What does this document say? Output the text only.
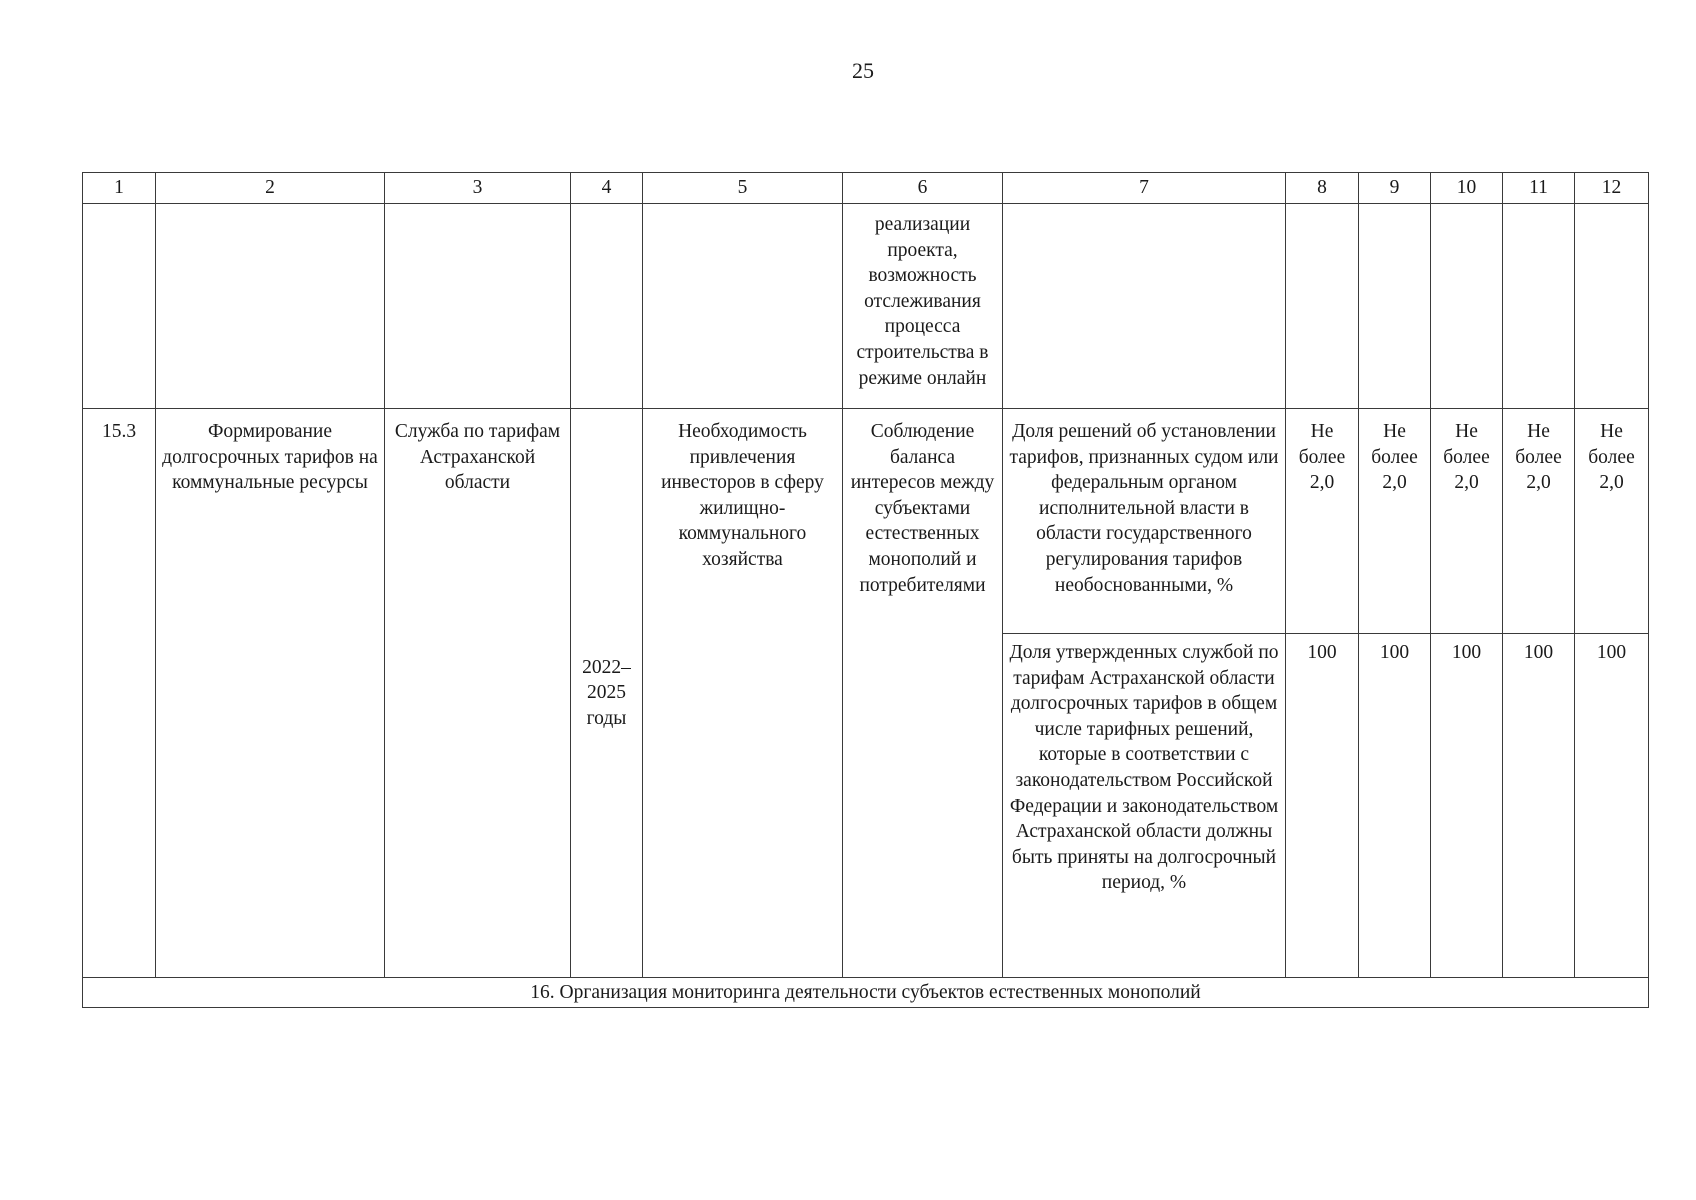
25
1	2	3	4	5	6	7	8	9	10	11	12
					реализации проекта, возможность отслеживания процесса строительства в режиме онлайн						
15.3	Формирование долгосрочных тарифов на коммунальные ресурсы	Служба по тарифам Астраханской области	2022–2025 годы	Необходимость привлечения инвесторов в сферу жилищно-коммунального хозяйства	Соблюдение баланса интересов между субъектами естественных монополий и потребителями	Доля решений об установлении тарифов, признанных судом или федеральным органом исполнительной власти в области государственного регулирования тарифов необоснованными, %	Не более 2,0	Не более 2,0	Не более 2,0	Не более 2,0	Не более 2,0
						Доля утвержденных службой по тарифам Астраханской области долгосрочных тарифов в общем числе тарифных решений, которые в соответствии с законодательством Российской Федерации и законодательством Астраханской области должны быть приняты на долгосрочный период, %	100	100	100	100	100
16. Организация мониторинга деятельности субъектов естественных монополий											
